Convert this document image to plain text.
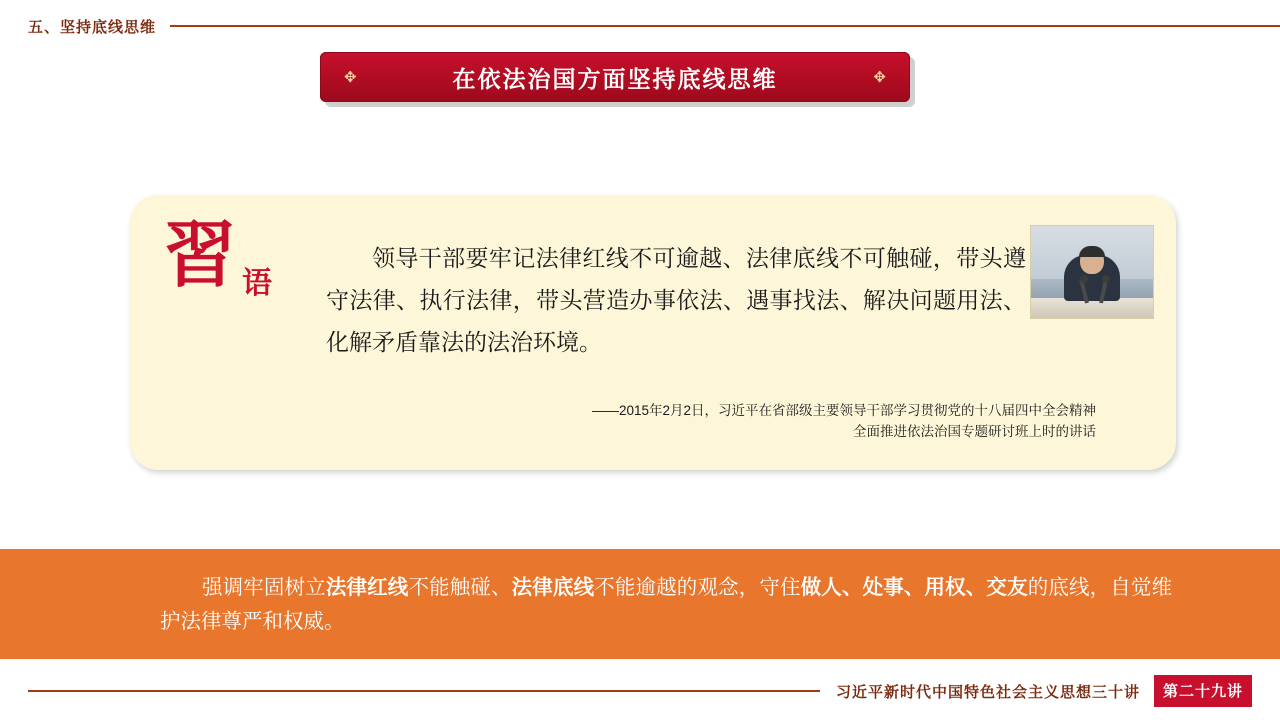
五、坚持底线思维
✥	在依法治国方面坚持底线思维	✥
習 语
领导干部要牢记法律红线不可逾越、法律底线不可触碰，带头遵守法律、执行法律，带头营造办事依法、遇事找法、解决问题用法、化解矛盾靠法的法治环境。
——2015年2月2日，习近平在省部级主要领导干部学习贯彻党的十八届四中全会精神
全面推进依法治国专题研讨班上时的讲话
强调牢固树立法律红线不能触碰、法律底线不能逾越的观念，守住做人、处事、用权、交友的底线，自觉维护法律尊严和权威。
习近平新时代中国特色社会主义思想三十讲	第二十九讲
